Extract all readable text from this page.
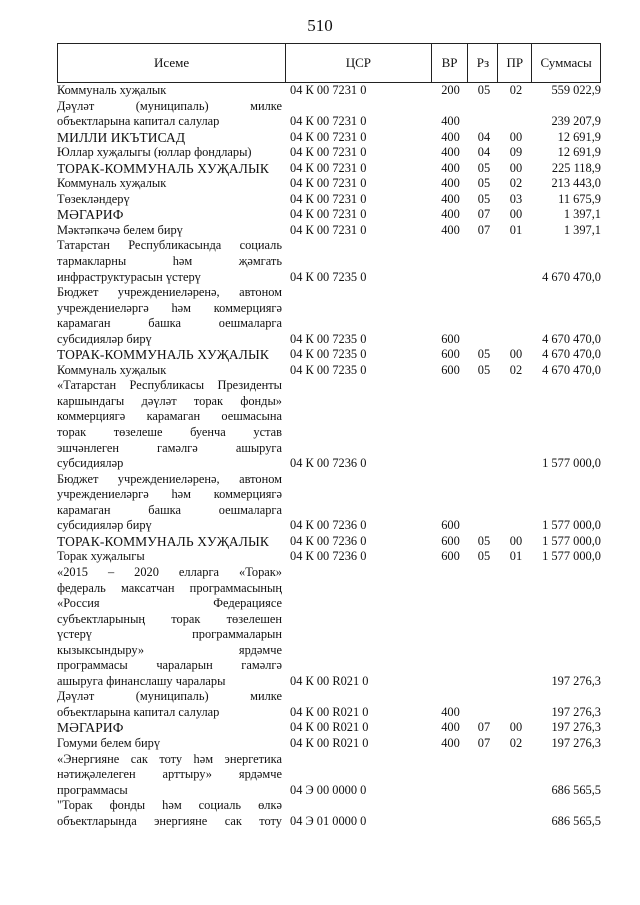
510
Исеме	ЦСР	ВР	Рз	ПР	Суммасы
Коммуналь хуҗалык	04 К 00 7231 0	200	05	02	559 022,9
Дәүләт (муниципаль) милке
объектларына капитал салулар	04 К 00 7231 0	400	239 207,9
МИЛЛИ ИКЪТИСАД	04 К 00 7231 0	400	04	00	12 691,9
Юллар хуҗалыгы (юллар фондлары)	04 К 00 7231 0	400	04	09	12 691,9
ТОРАК-КОММУНАЛЬ ХУҖАЛЫК	04 К 00 7231 0	400	05	00	225 118,9
Коммуналь хуҗалык	04 К 00 7231 0	400	05	02	213 443,0
Төзекләндерү	04 К 00 7231 0	400	05	03	11 675,9
МӘГАРИФ	04 К 00 7231 0	400	07	00	1 397,1
Мәктәпкәчә белем бирү	04 К 00 7231 0	400	07	01	1 397,1
Татарстан Республикасында социаль
тармакларны һәм җәмгать
инфраструктурасын үстерү	04 К 00 7235 0	4 670 470,0
Бюджет учреждениеләренә, автоном
учреждениеләргә һәм коммерциягә
карамаган башка оешмаларга
субсидияләр бирү	04 К 00 7235 0	600	4 670 470,0
ТОРАК-КОММУНАЛЬ ХУҖАЛЫК	04 К 00 7235 0	600	05	00	4 670 470,0
Коммуналь хуҗалык	04 К 00 7235 0	600	05	02	4 670 470,0
«Татарстан Республикасы Президенты
каршындагы дәүләт торак фонды»
коммерциягә карамаган оешмасына
торак төзелеше буенча устав
эшчәнлеген гамәлгә ашыруга
субсидияләр	04 К 00 7236 0	1 577 000,0
Бюджет учреждениеләренә, автоном
учреждениеләргә һәм коммерциягә
карамаган башка оешмаларга
субсидияләр бирү	04 К 00 7236 0	600	1 577 000,0
ТОРАК-КОММУНАЛЬ ХУҖАЛЫК	04 К 00 7236 0	600	05	00	1 577 000,0
Торак хуҗалыгы	04 К 00 7236 0	600	05	01	1 577 000,0
«2015 – 2020 елларга «Торак»
федераль максатчан программасының
«Россия Федерациясе
субъектларының торак төзелешен
үстерү программаларын
кызыксындыру» ярдәмче
программасы чараларын гамәлгә
ашыруга финанслашу чаралары	04 К 00 R021 0	197 276,3
Дәүләт (муниципаль) милке
объектларына капитал салулар	04 К 00 R021 0	400	197 276,3
МӘГАРИФ	04 К 00 R021 0	400	07	00	197 276,3
Гомуми белем бирү	04 К 00 R021 0	400	07	02	197 276,3
«Энергияне сак тоту һәм энергетика
нәтиҗәлелеген арттыру» ярдәмче
программасы	04 Э 00 0000 0	686 565,5
"Торак фонды һәм социаль өлкә
объектларында энергияне сак тоту 04 Э 01 0000 0	686 565,5
